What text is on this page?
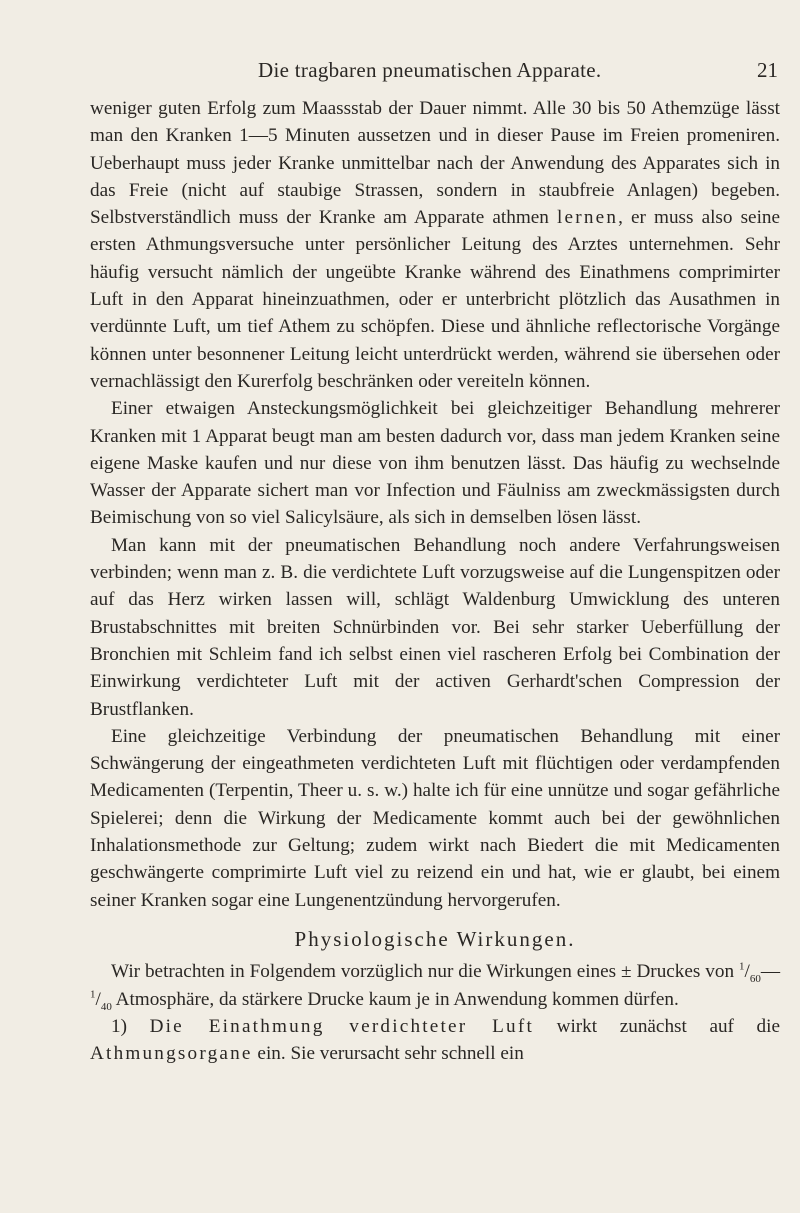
Die tragbaren pneumatischen Apparate.	21

weniger guten Erfolg zum Maassstab der Dauer nimmt. Alle 30 bis 50 Athemzüge lässt man den Kranken 1—5 Minuten aussetzen und in dieser Pause im Freien promeniren. Ueberhaupt muss jeder Kranke unmittelbar nach der Anwendung des Apparates sich in das Freie (nicht auf staubige Strassen, sondern in staubfreie Anlagen) begeben. Selbstverständlich muss der Kranke am Apparate athmen lernen, er muss also seine ersten Athmungsversuche unter persönlicher Leitung des Arztes unternehmen. Sehr häufig versucht nämlich der ungeübte Kranke während des Einathmens comprimirter Luft in den Apparat hineinzuathmen, oder er unterbricht plötzlich das Ausathmen in verdünnte Luft, um tief Athem zu schöpfen. Diese und ähnliche reflectorische Vorgänge können unter besonnener Leitung leicht unterdrückt werden, während sie übersehen oder vernachlässigt den Kurerfolg beschränken oder vereiteln können.

Einer etwaigen Ansteckungsmöglichkeit bei gleichzeitiger Behandlung mehrerer Kranken mit 1 Apparat beugt man am besten dadurch vor, dass man jedem Kranken seine eigene Maske kaufen und nur diese von ihm benutzen lässt. Das häufig zu wechselnde Wasser der Apparate sichert man vor Infection und Fäulniss am zweckmässigsten durch Beimischung von so viel Salicylsäure, als sich in demselben lösen lässt.

Man kann mit der pneumatischen Behandlung noch andere Verfahrungsweisen verbinden; wenn man z. B. die verdichtete Luft vorzugsweise auf die Lungenspitzen oder auf das Herz wirken lassen will, schlägt Waldenburg Umwicklung des unteren Brustabschnittes mit breiten Schnürbinden vor. Bei sehr starker Ueberfüllung der Bronchien mit Schleim fand ich selbst einen viel rascheren Erfolg bei Combination der Einwirkung verdichteter Luft mit der activen Gerhardt'schen Compression der Brustflanken.

Eine gleichzeitige Verbindung der pneumatischen Behandlung mit einer Schwängerung der eingeathmeten verdichteten Luft mit flüchtigen oder verdampfenden Medicamenten (Terpentin, Theer u. s. w.) halte ich für eine unnütze und sogar gefährliche Spielerei; denn die Wirkung der Medicamente kommt auch bei der gewöhnlichen Inhalationsmethode zur Geltung; zudem wirkt nach Biedert die mit Medicamenten geschwängerte comprimirte Luft viel zu reizend ein und hat, wie er glaubt, bei einem seiner Kranken sogar eine Lungenentzündung hervorgerufen.

Physiologische Wirkungen.

Wir betrachten in Folgendem vorzüglich nur die Wirkungen eines ± Druckes von $^1/_{60}—^1/_{40}$ Atmosphäre, da stärkere Drucke kaum je in Anwendung kommen dürfen.

1) Die Einathmung verdichteter Luft wirkt zunächst auf die Athmungsorgane ein. Sie verursacht sehr schnell ein
